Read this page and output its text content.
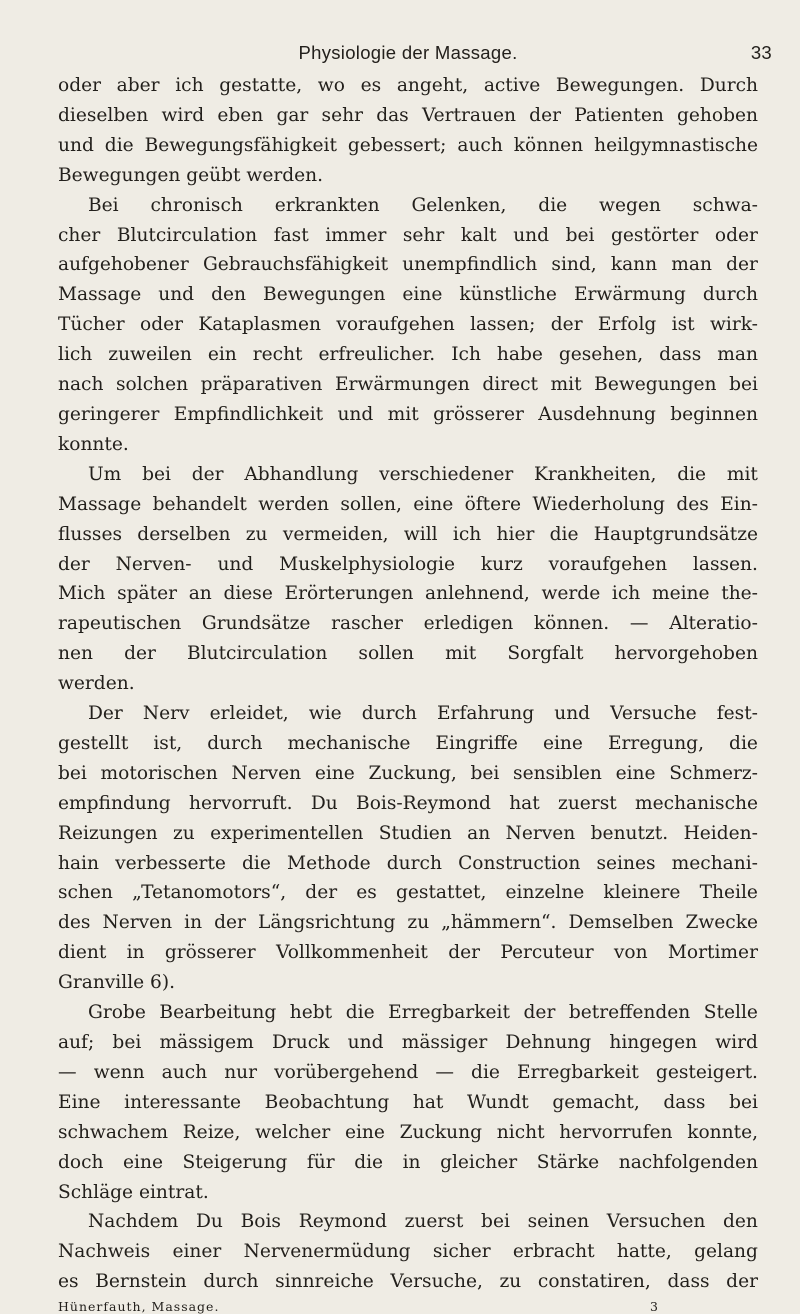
Physiologie der Massage.	33
oder aber ich gestatte, wo es angeht, active Bewegungen. Durch
dieselben wird eben gar sehr das Vertrauen der Patienten gehoben
und die Bewegungsfähigkeit gebessert; auch können heilgymnastische
Bewegungen geübt werden.
Bei chronisch erkrankten Gelenken, die wegen schwa-
cher Blutcirculation fast immer sehr kalt und bei gestörter oder
aufgehobener Gebrauchsfähigkeit unempfindlich sind, kann man der
Massage und den Bewegungen eine künstliche Erwärmung durch
Tücher oder Kataplasmen voraufgehen lassen; der Erfolg ist wirk-
lich zuweilen ein recht erfreulicher. Ich habe gesehen, dass man
nach solchen präparativen Erwärmungen direct mit Bewegungen bei
geringerer Empfindlichkeit und mit grösserer Ausdehnung beginnen
konnte.
Um bei der Abhandlung verschiedener Krankheiten, die mit
Massage behandelt werden sollen, eine öftere Wiederholung des Ein-
flusses derselben zu vermeiden, will ich hier die Hauptgrundsätze
der Nerven- und Muskelphysiologie kurz voraufgehen lassen.
Mich später an diese Erörterungen anlehnend, werde ich meine the-
rapeutischen Grundsätze rascher erledigen können. — Alteratio-
nen der Blutcirculation sollen mit Sorgfalt hervorgehoben
werden.
Der Nerv erleidet, wie durch Erfahrung und Versuche fest-
gestellt ist, durch mechanische Eingriffe eine Erregung, die
bei motorischen Nerven eine Zuckung, bei sensiblen eine Schmerz-
empfindung hervorruft. Du Bois-Reymond hat zuerst mechanische
Reizungen zu experimentellen Studien an Nerven benutzt. Heiden-
hain verbesserte die Methode durch Construction seines mechani-
schen „Tetanomotors“, der es gestattet, einzelne kleinere Theile
des Nerven in der Längsrichtung zu „hämmern“. Demselben Zwecke
dient in grösserer Vollkommenheit der Percuteur von Mortimer
Granville 6).
Grobe Bearbeitung hebt die Erregbarkeit der betreffenden Stelle
auf; bei mässigem Druck und mässiger Dehnung hingegen wird
— wenn auch nur vorübergehend — die Erregbarkeit gesteigert.
Eine interessante Beobachtung hat Wundt gemacht, dass bei
schwachem Reize, welcher eine Zuckung nicht hervorrufen konnte,
doch eine Steigerung für die in gleicher Stärke nachfolgenden
Schläge eintrat.
Nachdem Du Bois Reymond zuerst bei seinen Versuchen den
Nachweis einer Nervenermüdung sicher erbracht hatte, gelang
es Bernstein durch sinnreiche Versuche, zu constatiren, dass der
Hünerfauth, Massage.	3
